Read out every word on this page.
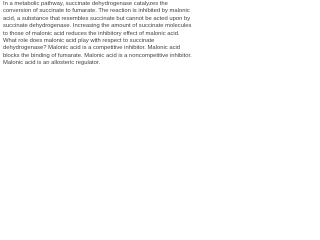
In a metabolic pathway, succinate dehydrogenase catalyzes the conversion of succinate to fumarate. The reaction is inhibited by malonic acid, a substance that resembles succinate but cannot be acted upon by succinate dehydrogenase. Increasing the amount of succinate molecules to those of malonic acid reduces the inhibitory effect of malonic acid. What role does malonic acid play with respect to succinate dehydrogenase? Malonic acid is a competitive inhibitor. Malonic acid blocks the binding of fumarate. Malonic acid is a noncompetitive inhibitor. Malonic acid is an allosteric regulator.
